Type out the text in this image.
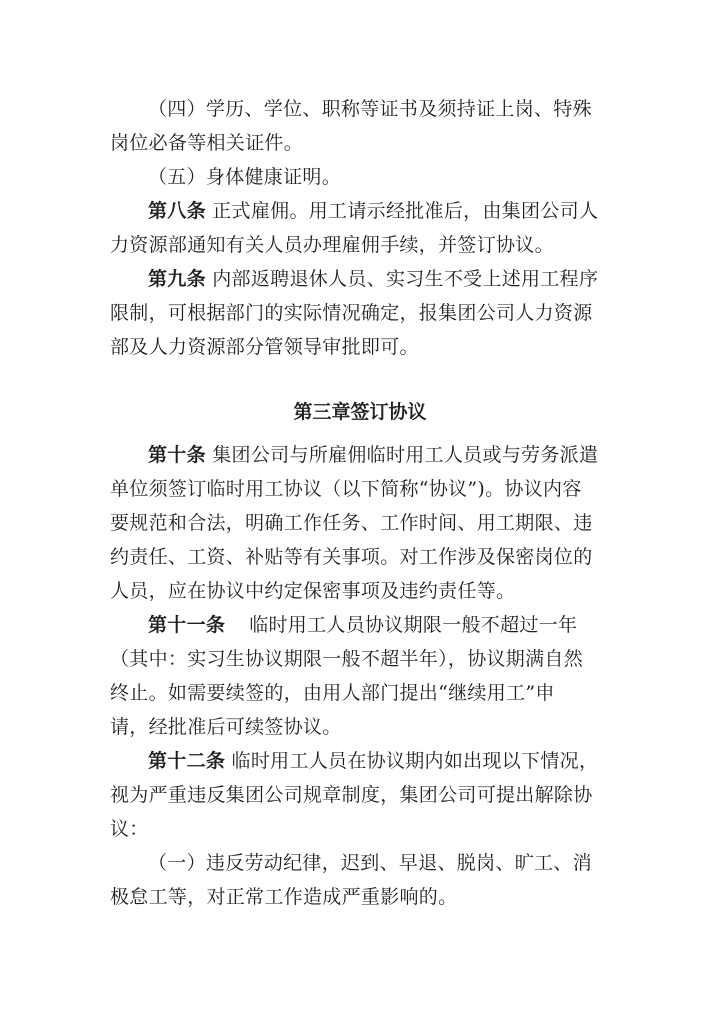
（四）学历、学位、职称等证书及须持证上岗、特殊
岗位必备等相关证件。
（五）身体健康证明。
第八条 正式雇佣。用工请示经批准后，由集团公司人
力资源部通知有关人员办理雇佣手续，并签订协议。
第九条 内部返聘退休人员、实习生不受上述用工程序
限制，可根据部门的实际情况确定，报集团公司人力资源
部及人力资源部分管领导审批即可。
第三章签订协议
第十条 集团公司与所雇佣临时用工人员或与劳务派遣
单位须签订临时用工协议（以下简称“协议”)。协议内容
要规范和合法，明确工作任务、工作时间、用工期限、违
约责任、工资、补贴等有关事项。对工作涉及保密岗位的
人员，应在协议中约定保密事项及违约责任等。
第十一条 临时用工人员协议期限一般不超过一年
（其中：实习生协议期限一般不超半年），协议期满自然
终止。如需要续签的，由用人部门提出“继续用工”申
请，经批准后可续签协议。
第十二条 临时用工人员在协议期内如出现以下情况，
视为严重违反集团公司规章制度，集团公司可提出解除协
议：
（一）违反劳动纪律，迟到、早退、脱岗、旷工、消
极怠工等，对正常工作造成严重影响的。
